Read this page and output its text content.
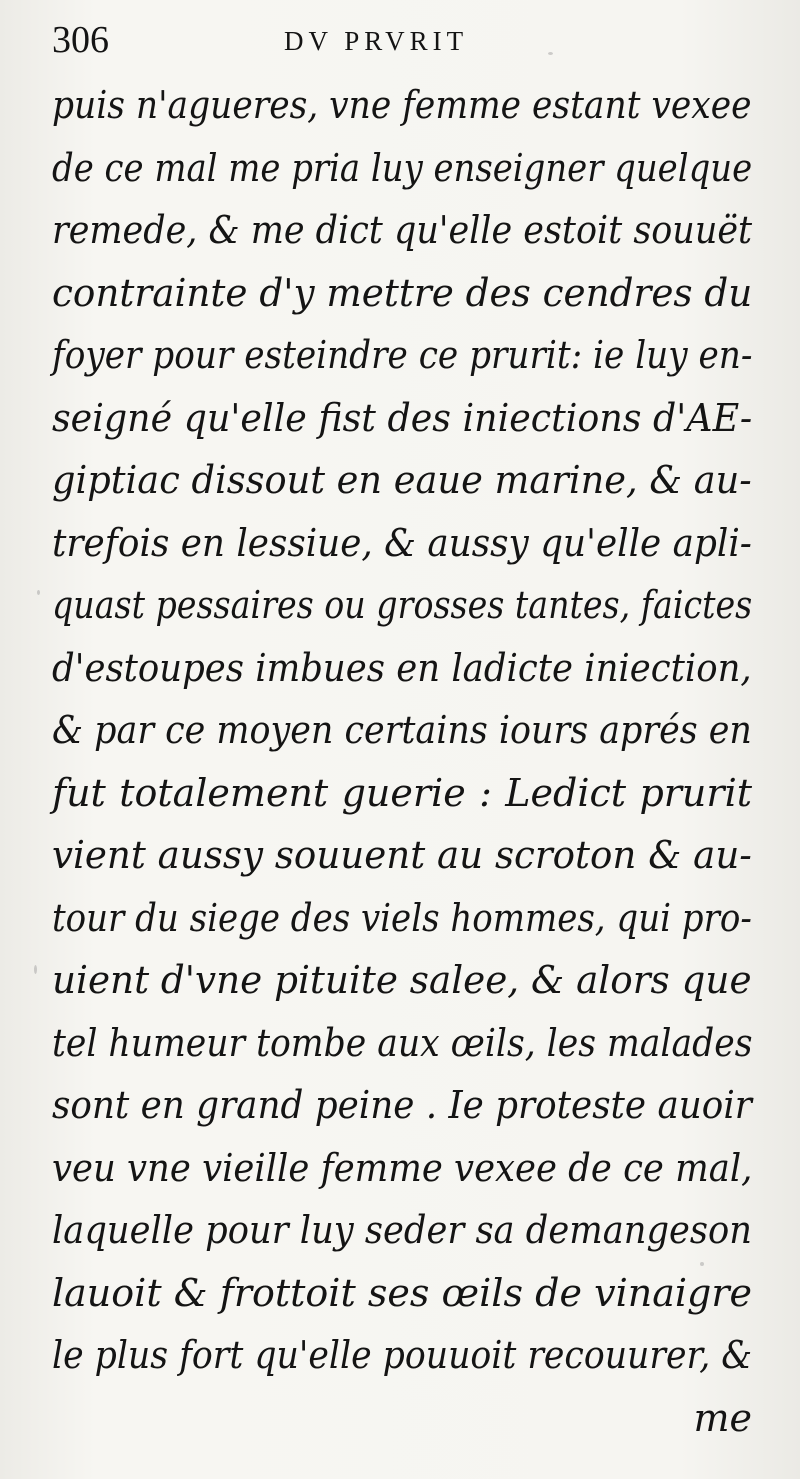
306	DV PRVRIT
puis n'agueres, vne femme estant vexee
de ce mal me pria luy enseigner quelque
remede, & me dict qu'elle estoit souuët
contrainte d'y mettre des cendres du
foyer pour esteindre ce prurit: ie luy en-
seigné qu'elle fist des iniections d'AE-
giptiac dissout en eaue marine, & au-
trefois en lessiue, & aussy qu'elle apli-
quast pessaires ou grosses tantes, faictes
d'estoupes imbues en ladicte iniection,
& par ce moyen certains iours aprés en
fut totalement guerie : Ledict prurit
vient aussy souuent au scroton & au-
tour du siege des viels hommes, qui pro-
uient d'vne pituite salee, & alors que
tel humeur tombe aux œils, les malades
sont en grand peine . Ie proteste auoir
veu vne vieille femme vexee de ce mal,
laquelle pour luy seder sa demangeson
lauoit & frottoit ses œils de vinaigre
le plus fort qu'elle pouuoit recouurer, &
me
